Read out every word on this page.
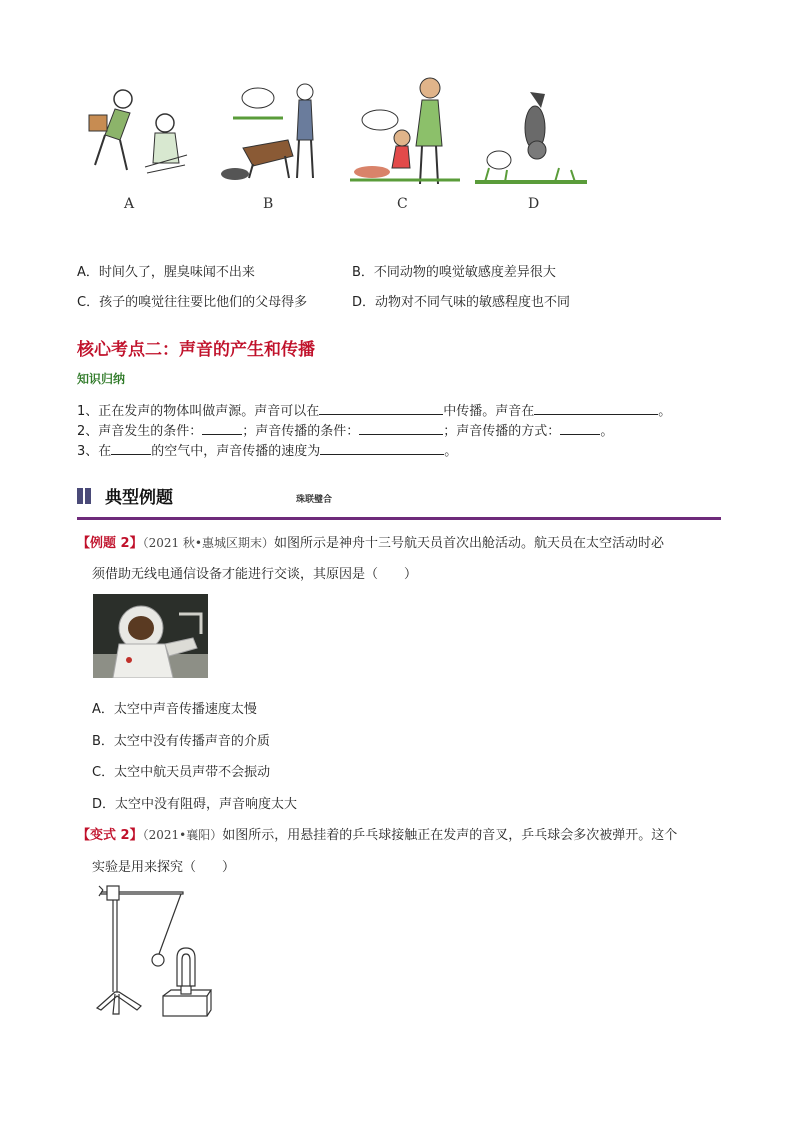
A	B	C	D
A．时间久了，腥臭味闻不出来	B．不同动物的嗅觉敏感度差异很大
C．孩子的嗅觉往往要比他们的父母得多	D．动物对不同气味的敏感程度也不同
核心考点二：声音的产生和传播
知识归纳
1、正在发声的物体叫做声源。声音可以在	中传播。声音在	。
2、声音发生的条件：	；声音传播的条件：	；声音传播的方式：	。
3、在	的空气中，声音传播的速度为	。
典型例题	珠联璧合
【例题 2】（2021 秋•惠城区期末）如图所示是神舟十三号航天员首次出舱活动。航天员在太空活动时必
须借助无线电通信设备才能进行交谈，其原因是（　　）
A．太空中声音传播速度太慢
B．太空中没有传播声音的介质
C．太空中航天员声带不会振动
D．太空中没有阻碍，声音响度太大
【变式 2】（2021•襄阳）如图所示，用悬挂着的乒乓球接触正在发声的音叉，乒乓球会多次被弹开。这个
实验是用来探究（　　）
